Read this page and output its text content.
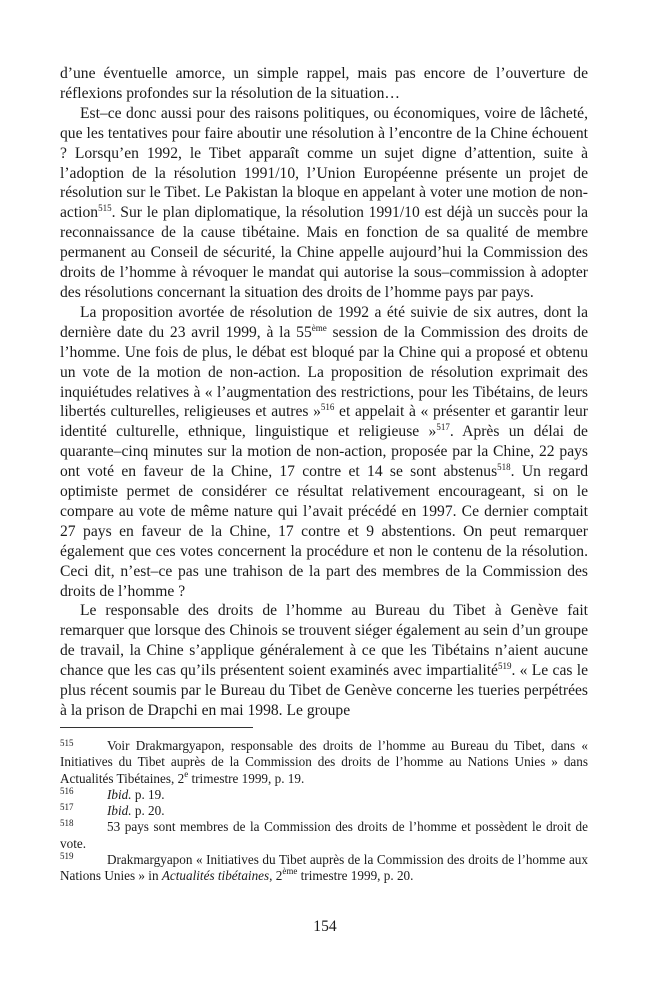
d’une éventuelle amorce, un simple rappel, mais pas encore de l’ouverture de réflexions profondes sur la résolution de la situation…

Est–ce donc aussi pour des raisons politiques, ou économiques, voire de lâcheté, que les tentatives pour faire aboutir une résolution à l’encontre de la Chine échouent ? Lorsqu’en 1992, le Tibet apparaît comme un sujet digne d’attention, suite à l’adoption de la résolution 1991/10, l’Union Européenne présente un projet de résolution sur le Tibet. Le Pakistan la bloque en appelant à voter une motion de non-action$^{515}$. Sur le plan diplomatique, la résolution 1991/10 est déjà un succès pour la reconnaissance de la cause tibétaine. Mais en fonction de sa qualité de membre permanent au Conseil de sécurité, la Chine appelle aujourd’hui la Commission des droits de l’homme à révoquer le mandat qui autorise la sous–commission à adopter des résolutions concernant la situation des droits de l’homme pays par pays.

La proposition avortée de résolution de 1992 a été suivie de six autres, dont la dernière date du 23 avril 1999, à la 55ème session de la Commission des droits de l’homme. Une fois de plus, le débat est bloqué par la Chine qui a proposé et obtenu un vote de la motion de non-action. La proposition de résolution exprimait des inquiétudes relatives à « l’augmentation des restrictions, pour les Tibétains, de leurs libertés culturelles, religieuses et autres »$^{516}$ et appelait à « présenter et garantir leur identité culturelle, ethnique, linguistique et religieuse »$^{517}$. Après un délai de quarante–cinq minutes sur la motion de non-action, proposée par la Chine, 22 pays ont voté en faveur de la Chine, 17 contre et 14 se sont abstenus$^{518}$. Un regard optimiste permet de considérer ce résultat relativement encourageant, si on le compare au vote de même nature qui l’avait précédé en 1997. Ce dernier comptait 27 pays en faveur de la Chine, 17 contre et 9 abstentions. On peut remarquer également que ces votes concernent la procédure et non le contenu de la résolution. Ceci dit, n’est–ce pas une trahison de la part des membres de la Commission des droits de l’homme ?

Le responsable des droits de l’homme au Bureau du Tibet à Genève fait remarquer que lorsque des Chinois se trouvent siéger également au sein d’un groupe de travail, la Chine s’applique généralement à ce que les Tibétains n’aient aucune chance que les cas qu’ils présentent soient examinés avec impartialité$^{519}$. « Le cas le plus récent soumis par le Bureau du Tibet de Genève concerne les tueries perpétrées à la prison de Drapchi en mai 1998. Le groupe

515	Voir Drakmargyapon, responsable des droits de l’homme au Bureau du Tibet, dans « Initiatives du Tibet auprès de la Commission des droits de l’homme au Nations Unies » dans Actualités Tibétaines, 2e trimestre 1999, p. 19.
516	Ibid. p. 19.
517	Ibid. p. 20.
518	53 pays sont membres de la Commission des droits de l’homme et possèdent le droit de vote.
519	Drakmargyapon « Initiatives du Tibet auprès de la Commission des droits de l’homme aux Nations Unies » in Actualités tibétaines, 2ème trimestre 1999, p. 20.
154
